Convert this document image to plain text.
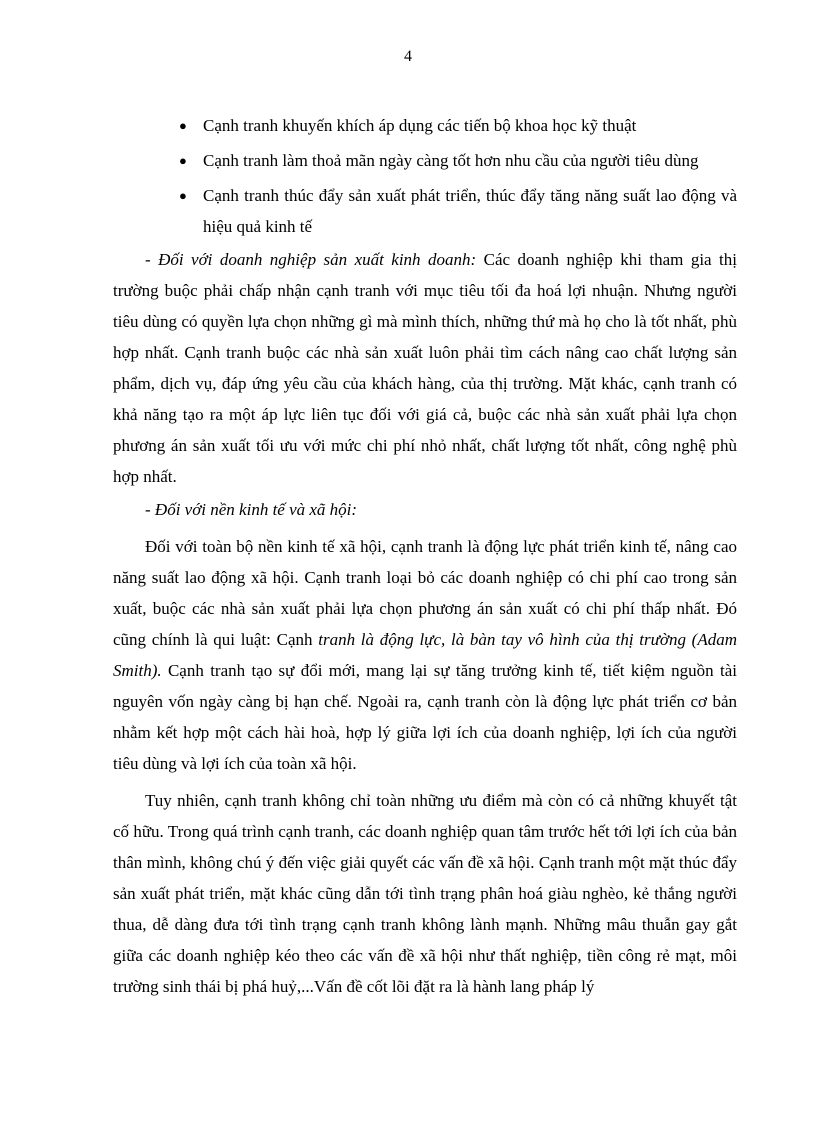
4
● Cạnh tranh khuyến khích áp dụng các tiến bộ khoa học kỹ thuật
● Cạnh tranh làm thoả mãn ngày càng tốt hơn nhu cầu của người tiêu dùng
● Cạnh tranh thúc đẩy sản xuất phát triển, thúc đẩy tăng năng suất lao động và hiệu quả kinh tế

- Đối với doanh nghiệp sản xuất kinh doanh: Các doanh nghiệp khi tham gia thị trường buộc phải chấp nhận cạnh tranh với mục tiêu tối đa hoá lợi nhuận. Nhưng người tiêu dùng có quyền lựa chọn những gì mà mình thích, những thứ mà họ cho là tốt nhất, phù hợp nhất. Cạnh tranh buộc các nhà sản xuất luôn phải tìm cách nâng cao chất lượng sản phẩm, dịch vụ, đáp ứng yêu cầu của khách hàng, của thị trường. Mặt khác, cạnh tranh có khả năng tạo ra một áp lực liên tục đối với giá cả, buộc các nhà sản xuất phải lựa chọn phương án sản xuất tối ưu với mức chi phí nhỏ nhất, chất lượng tốt nhất, công nghệ phù hợp nhất.

- Đối với nền kinh tế và xã hội:

Đối với toàn bộ nền kinh tế xã hội, cạnh tranh là động lực phát triển kinh tế, nâng cao năng suất lao động xã hội. Cạnh tranh loại bỏ các doanh nghiệp có chi phí cao trong sản xuất, buộc các nhà sản xuất phải lựa chọn phương án sản xuất có chi phí thấp nhất. Đó cũng chính là qui luật: Cạnh tranh là động lực, là bàn tay vô hình của thị trường (Adam Smith). Cạnh tranh tạo sự đổi mới, mang lại sự tăng trưởng kinh tế, tiết kiệm nguồn tài nguyên vốn ngày càng bị hạn chế. Ngoài ra, cạnh tranh còn là động lực phát triển cơ bản nhằm kết hợp một cách hài hoà, hợp lý giữa lợi ích của doanh nghiệp, lợi ích của người tiêu dùng và lợi ích của toàn xã hội.

Tuy nhiên, cạnh tranh không chỉ toàn những ưu điểm mà còn có cả những khuyết tật cố hữu. Trong quá trình cạnh tranh, các doanh nghiệp quan tâm trước hết tới lợi ích của bản thân mình, không chú ý đến việc giải quyết các vấn đề xã hội. Cạnh tranh một mặt thúc đẩy sản xuất phát triển, mặt khác cũng dẫn tới tình trạng phân hoá giàu nghèo, kẻ thắng người thua, dễ dàng đưa tới tình trạng cạnh tranh không lành mạnh. Những mâu thuẫn gay gắt giữa các doanh nghiệp kéo theo các vấn đề xã hội như thất nghiệp, tiền công rẻ mạt, môi trường sinh thái bị phá huỷ,...Vấn đề cốt lõi đặt ra là hành lang pháp lý
